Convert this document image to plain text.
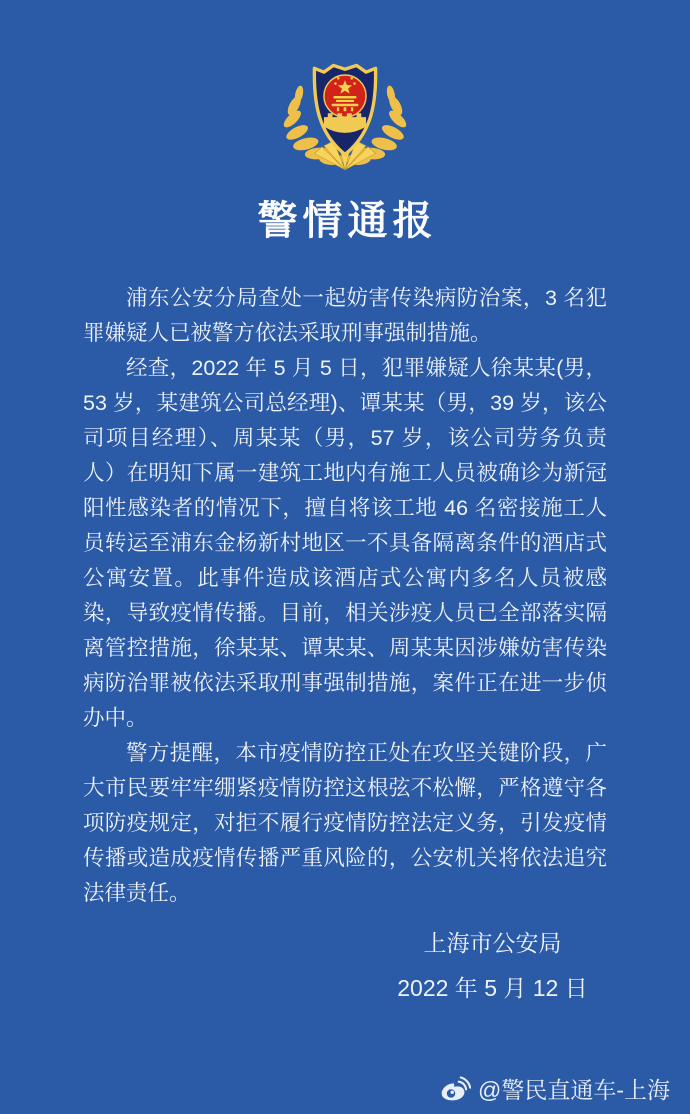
警情通报

浦东公安分局查处一起妨害传染病防治案，3 名犯罪嫌疑人已被警方依法采取刑事强制措施。

经查，2022 年 5 月 5 日，犯罪嫌疑人徐某某(男，53 岁，某建筑公司总经理)、谭某某（男，39 岁，该公司项目经理）、周某某（男，57 岁，该公司劳务负责人）在明知下属一建筑工地内有施工人员被确诊为新冠阳性感染者的情况下，擅自将该工地 46 名密接施工人员转运至浦东金杨新村地区一不具备隔离条件的酒店式公寓安置。此事件造成该酒店式公寓内多名人员被感染，导致疫情传播。目前，相关涉疫人员已全部落实隔离管控措施，徐某某、谭某某、周某某因涉嫌妨害传染病防治罪被依法采取刑事强制措施，案件正在进一步侦办中。

警方提醒，本市疫情防控正处在攻坚关键阶段，广大市民要牢牢绷紧疫情防控这根弦不松懈，严格遵守各项防疫规定，对拒不履行疫情防控法定义务，引发疫情传播或造成疫情传播严重风险的，公安机关将依法追究法律责任。

上海市公安局
2022 年 5 月 12 日
@警民直通车-上海
